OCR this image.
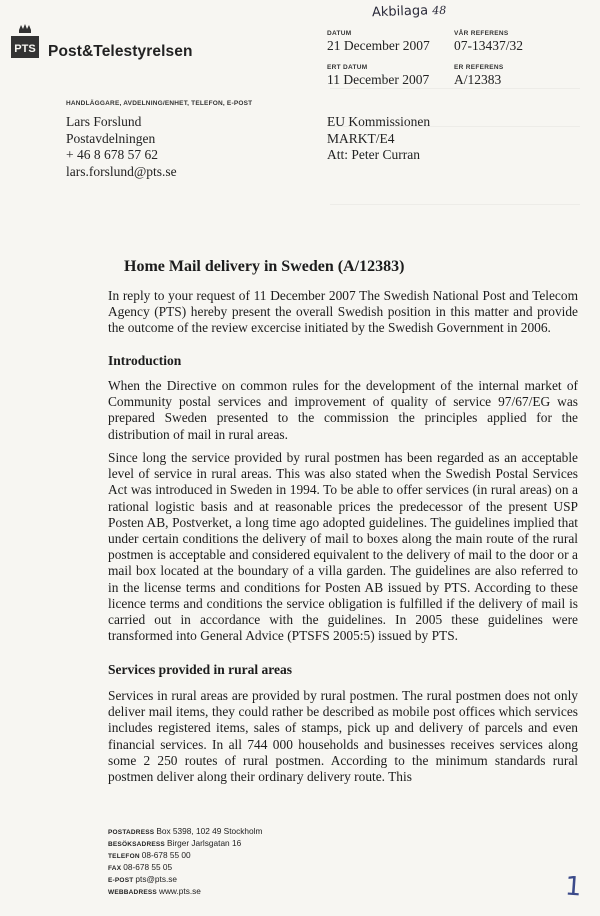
PTS Post&Telestyrelsen
Akbilaga 48
DATUM
21 December 2007
ERT DATUM
11 December 2007
VÅR REFERENS
07-13437/32
ER REFERENS
A/12383
HANDLÄGGARE, AVDELNING/ENHET, TELEFON, E-POST
Lars Forslund
Postavdelningen
+ 46 8 678 57 62
lars.forslund@pts.se
EU Kommissionen
MARKT/E4
Att: Peter Curran
Home Mail delivery in Sweden (A/12383)

In reply to your request of 11 December 2007 The Swedish National Post and Telecom Agency (PTS) hereby present the overall Swedish position in this matter and provide the outcome of the review excercise initiated by the Swedish Government in 2006.

Introduction

When the Directive on common rules for the development of the internal market of Community postal services and improvement of quality of service 97/67/EG was prepared Sweden presented to the commission the principles applied for the distribution of mail in rural areas.

Since long the service provided by rural postmen has been regarded as an acceptable level of service in rural areas. This was also stated when the Swedish Postal Services Act was introduced in Sweden in 1994. To be able to offer services (in rural areas) on a rational logistic basis and at reasonable prices the predecessor of the present USP Posten AB, Postverket, a long time ago adopted guidelines. The guidelines implied that under certain conditions the delivery of mail to boxes along the main route of the rural postmen is acceptable and considered equivalent to the delivery of mail to the door or a mail box located at the boundary of a villa garden. The guidelines are also referred to in the license terms and conditions for Posten AB issued by PTS. According to these licence terms and conditions the service obligation is fulfilled if the delivery of mail is carried out in accordance with the guidelines. In 2005 these guidelines were transformed into General Advice (PTSFS 2005:5) issued by PTS.

Services provided in rural areas

Services in rural areas are provided by rural postmen. The rural postmen does not only deliver mail items, they could rather be described as mobile post offices which services includes registered items, sales of stamps, pick up and delivery of parcels and even financial services. In all 744 000 households and businesses receives services along some 2 250 routes of rural postmen. According to the minimum standards rural postmen deliver along their ordinary delivery route. This

POSTADRESS Box 5398, 102 49 Stockholm
BESÖKSADRESS Birger Jarlsgatan 16
TELEFON 08-678 55 00
FAX 08-678 55 05
E-POST pts@pts.se
WEBBADRESS www.pts.se	1
